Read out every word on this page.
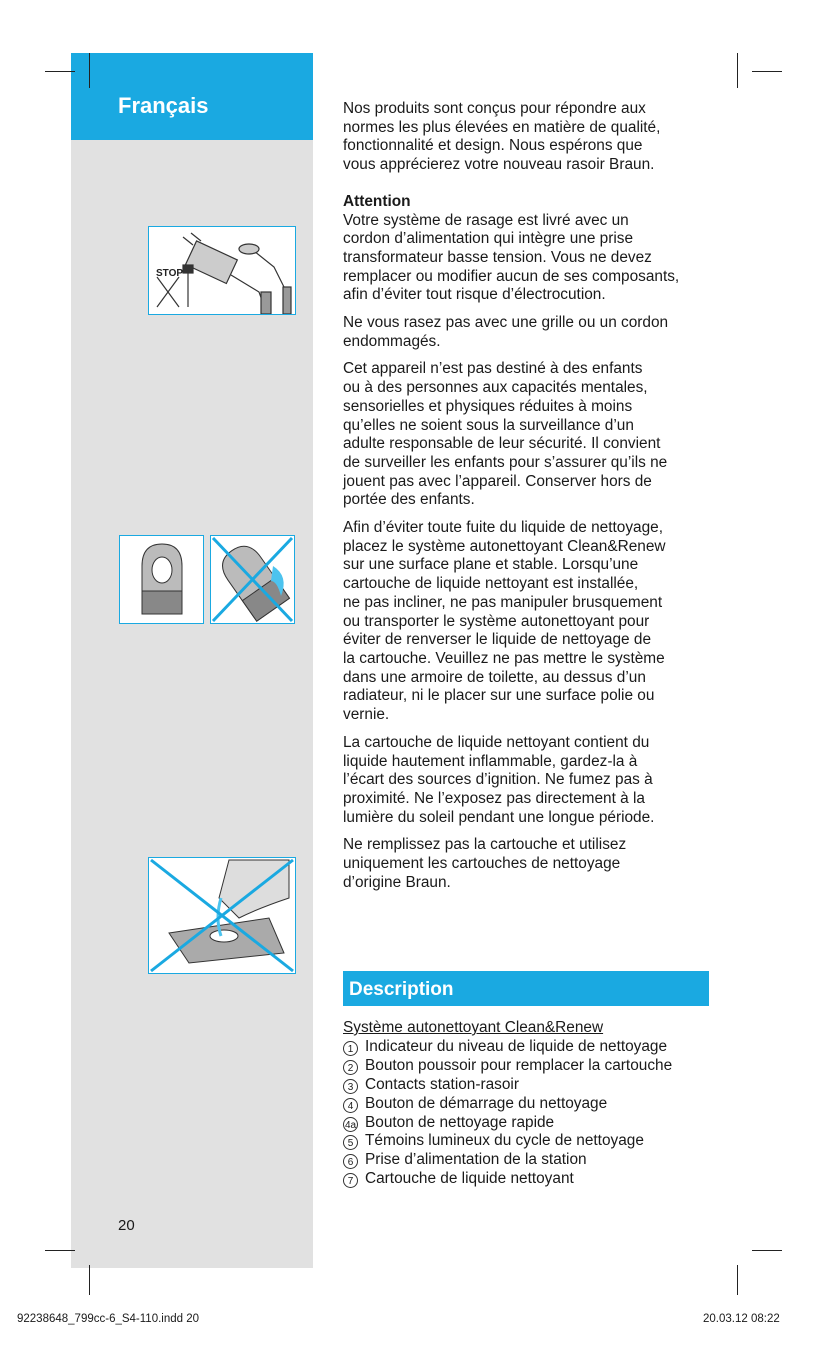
Français
STOP
Nos produits sont conçus pour répondre aux
normes les plus élevées en matière de qualité,
fonctionnalité et design. Nous espérons que
vous apprécierez votre nouveau rasoir Braun.
Attention
Votre système de rasage est livré avec un
cordon d’alimentation qui intègre une prise
transformateur basse tension. Vous ne devez
remplacer ou modifier aucun de ses composants,
afin d’éviter tout risque d’électrocution.
Ne vous rasez pas avec une grille ou un cordon
endommagés.
Cet appareil n’est pas destiné à des enfants
ou à des personnes aux capacités mentales,
sensorielles et physiques réduites à moins
qu’elles ne soient sous la surveillance d’un
adulte responsable de leur sécurité. Il convient
de surveiller les enfants pour s’assurer qu’ils ne
jouent pas avec l’appareil. Conserver hors de
portée des enfants.
Afin d’éviter toute fuite du liquide de nettoyage,
placez le système autonettoyant Clean&Renew
sur une surface plane et stable. Lorsqu’une
cartouche de liquide nettoyant est installée,
ne pas incliner, ne pas manipuler brusquement
ou transporter le système autonettoyant pour
éviter de renverser le liquide de nettoyage de
la cartouche. Veuillez ne pas mettre le système
dans une armoire de toilette, au dessus d’un
radiateur, ni le placer sur une surface polie ou
vernie.
La cartouche de liquide nettoyant contient du
liquide hautement inflammable, gardez-la à
l’écart des sources d’ignition. Ne fumez pas à
proximité. Ne l’exposez pas directement à la
lumière du soleil pendant une longue période.
Ne remplissez pas la cartouche et utilisez
uniquement les cartouches de nettoyage
d’origine Braun.
Description
Système autonettoyant Clean&Renew
1 Indicateur du niveau de liquide de nettoyage
2 Bouton poussoir pour remplacer la cartouche
3 Contacts station-rasoir
4 Bouton de démarrage du nettoyage
4a Bouton de nettoyage rapide
5 Témoins lumineux du cycle de nettoyage
6 Prise d’alimentation de la station
7 Cartouche de liquide nettoyant
20
92238648_799cc-6_S4-110.indd 20	20.03.12 08:22
